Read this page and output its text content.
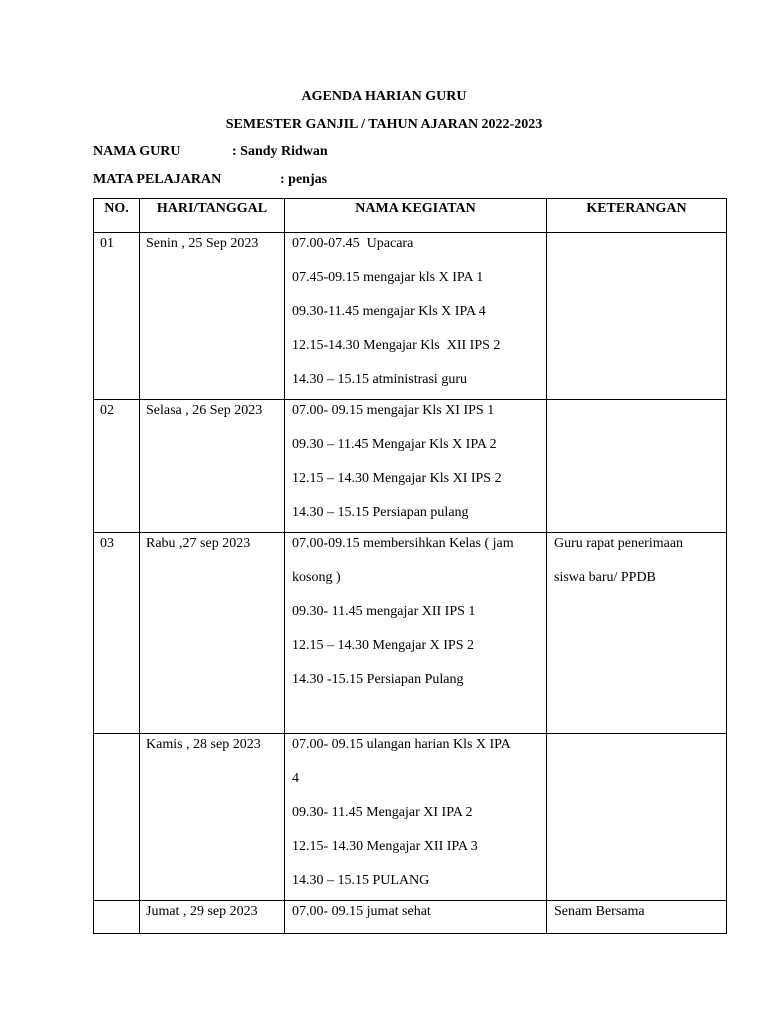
AGENDA HARIAN GURU
SEMESTER GANJIL / TAHUN AJARAN 2022-2023
NAMA GURU	: Sandy Ridwan
MATA PELAJARAN	: penjas
NO.	HARI/TANGGAL	NAMA KEGIATAN	KETERANGAN

01	Senin , 25 Sep 2023	07.00-07.45  Upacara
07.45-09.15 mengajar kls X IPA 1
09.30-11.45 mengajar Kls X IPA 4
12.15-14.30 Mengajar Kls  XII IPS 2
14.30 – 15.15 atministrasi guru	

02	Selasa , 26 Sep 2023	07.00- 09.15 mengajar Kls XI IPS 1
09.30 – 11.45 Mengajar Kls X IPA 2
12.15 – 14.30 Mengajar Kls XI IPS 2
14.30 – 15.15 Persiapan pulang	

03	Rabu ,27 sep 2023	07.00-09.15 membersihkan Kelas ( jam
kosong )
09.30- 11.45 mengajar XII IPS 1
12.15 – 14.30 Mengajar X IPS 2
14.30 -15.15 Persiapan Pulang	Guru rapat penerimaan
siswa baru/ PPDB

	Kamis , 28 sep 2023	07.00- 09.15 ulangan harian Kls X IPA
4
09.30- 11.45 Mengajar XI IPA 2
12.15- 14.30 Mengajar XII IPA 3
14.30 – 15.15 PULANG	

	Jumat , 29 sep 2023	07.00- 09.15 jumat sehat	Senam Bersama
